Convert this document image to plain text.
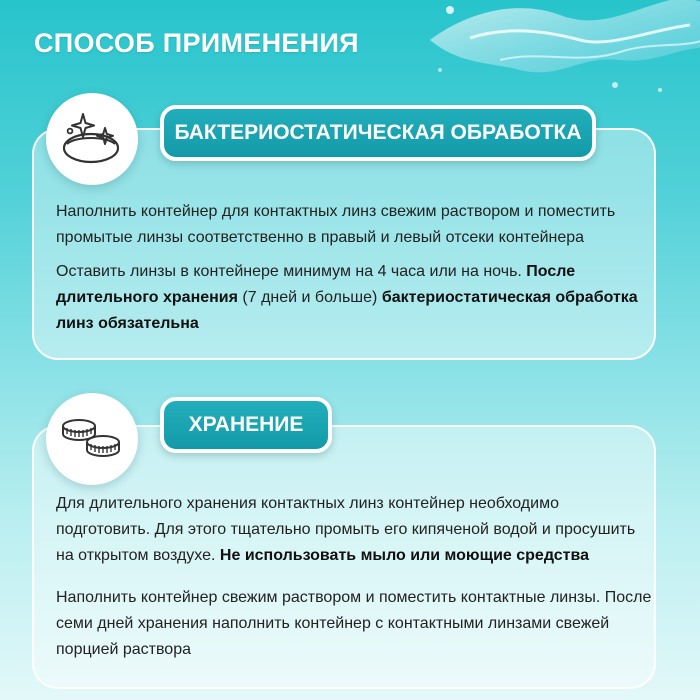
СПОСОБ ПРИМЕНЕНИЯ
БАКТЕРИОСТАТИЧЕСКАЯ ОБРАБОТКА

Наполнить контейнер для контактных линз свежим раствором и поместить промытые линзы соответственно в правый и левый отсеки контейнера

Оставить линзы в контейнере минимум на 4 часа или на ночь. После длительного хранения (7 дней и больше) бактериостатическая обработка линз обязательна

ХРАНЕНИЕ

Для длительного хранения контактных линз контейнер необходимо подготовить. Для этого тщательно промыть его кипяченой водой и просушить на открытом воздухе. Не использовать мыло или моющие средства

Наполнить контейнер свежим раствором и поместить контактные линзы. После семи дней хранения наполнить контейнер с контактными линзами свежей порцией раствора
